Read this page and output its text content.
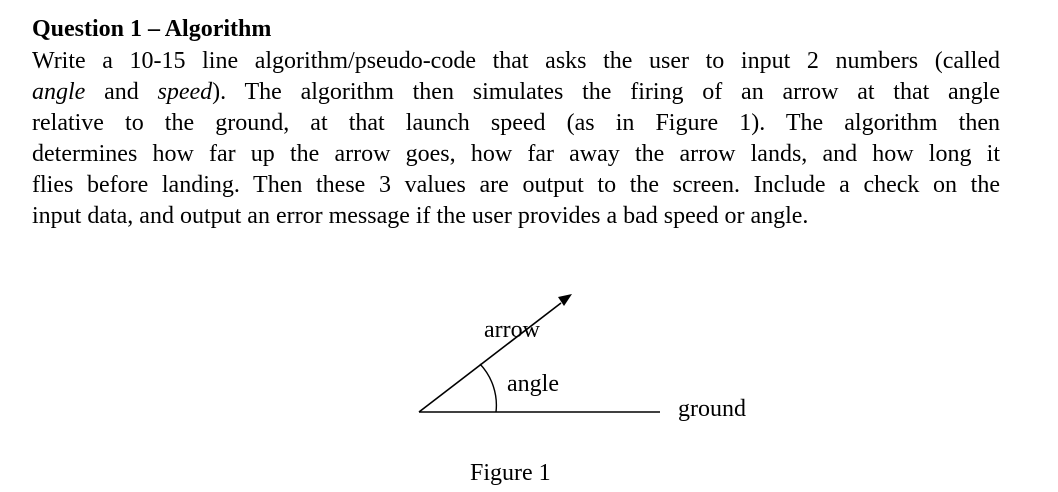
Question 1 – Algorithm
Write a 10-15 line algorithm/pseudo-code that asks the user to input 2 numbers (called
angle and speed). The algorithm then simulates the firing of an arrow at that angle
relative to the ground, at that launch speed (as in Figure 1). The algorithm then
determines how far up the arrow goes, how far away the arrow lands, and how long it
flies before landing. Then these 3 values are output to the screen. Include a check on the
input data, and output an error message if the user provides a bad speed or angle.
arrow
angle
ground
Figure 1
